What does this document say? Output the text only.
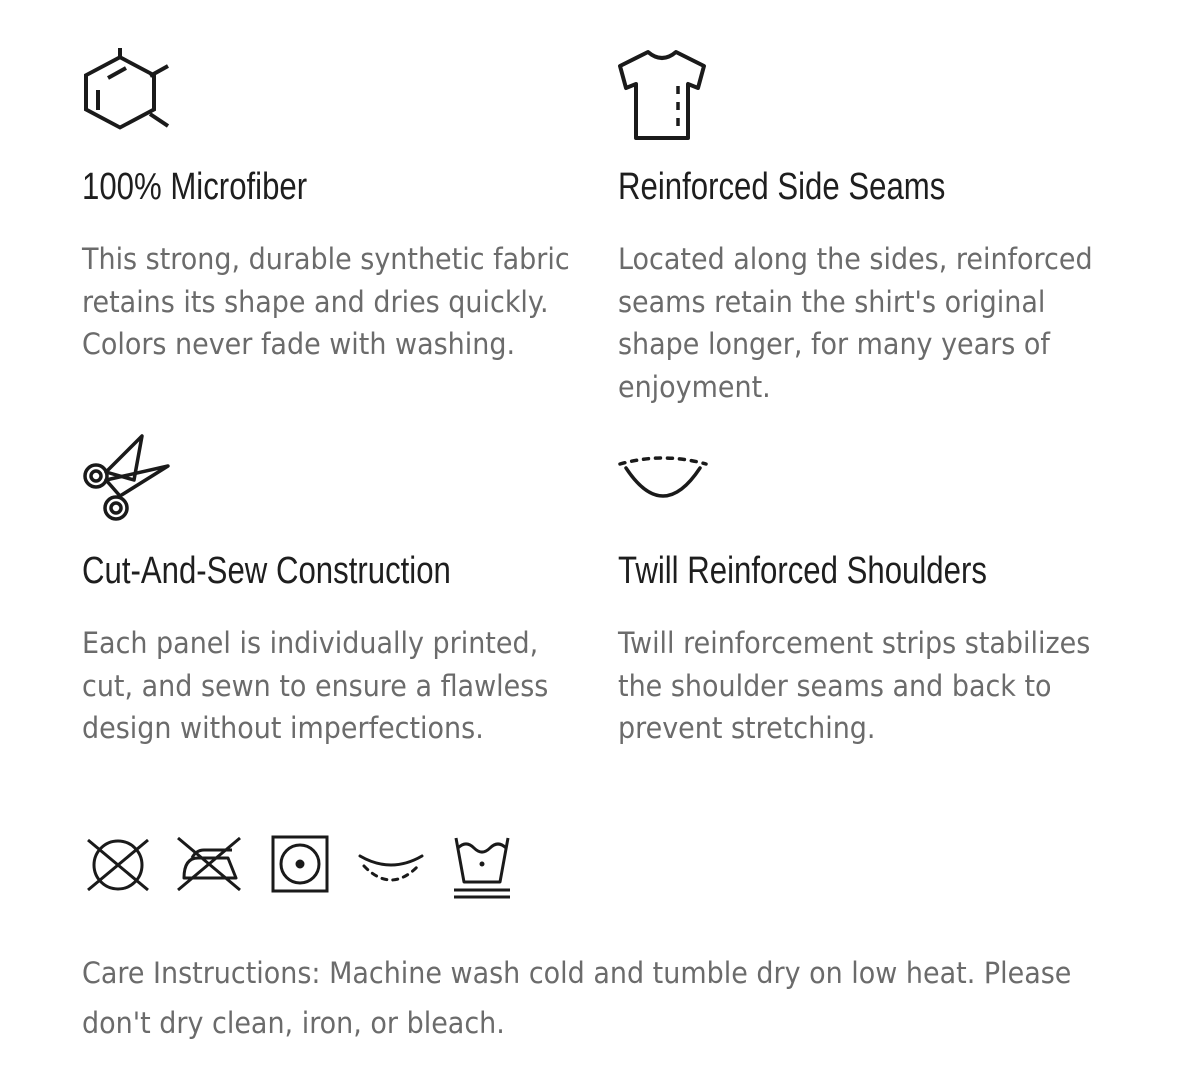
100% Microfiber

This strong, durable synthetic fabric retains its shape and dries quickly. Colors never fade with washing.

Reinforced Side Seams

Located along the sides, reinforced seams retain the shirt's original shape longer, for many years of enjoyment.

Cut-And-Sew Construction

Each panel is individually printed, cut, and sewn to ensure a flawless design without imperfections.

Twill Reinforced Shoulders

Twill reinforcement strips stabilizes the shoulder seams and back to prevent stretching.

Care Instructions: Machine wash cold and tumble dry on low heat. Please don't dry clean, iron, or bleach.
